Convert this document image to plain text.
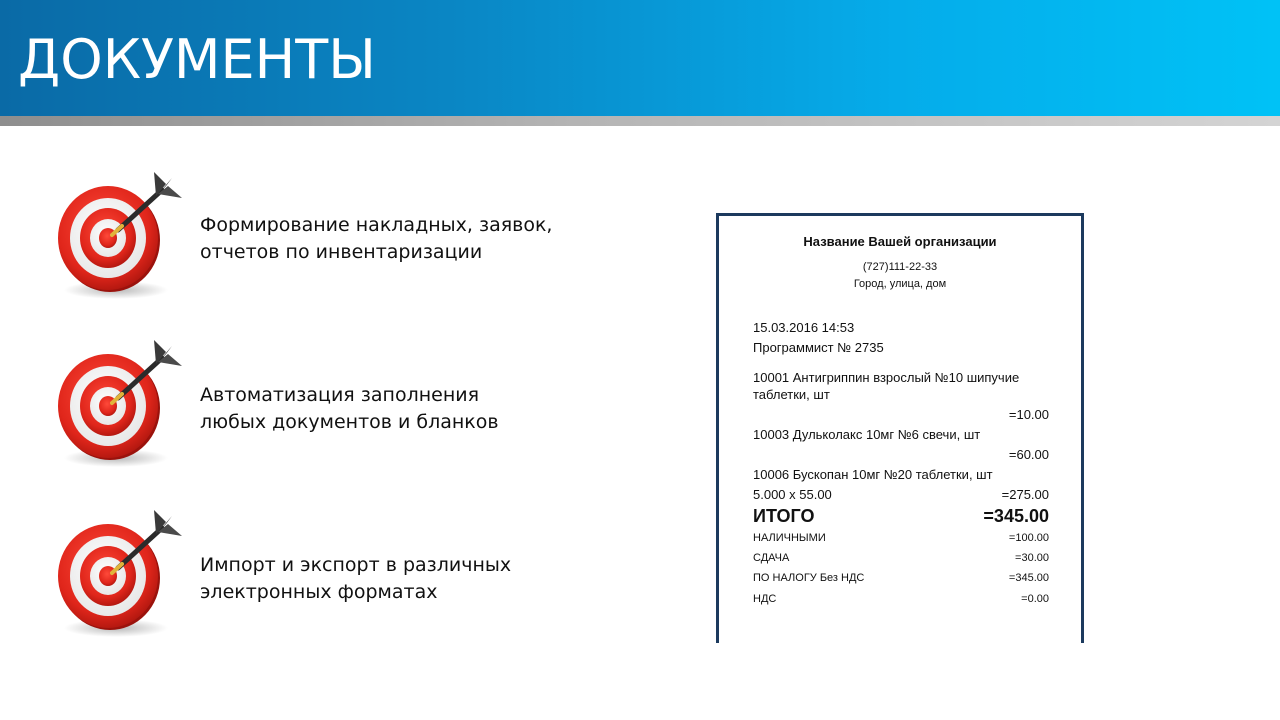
ДОКУМЕНТЫ
Формирование накладных, заявок,
отчетов по инвентаризации
Автоматизация заполнения
любых документов и бланков
Импорт и экспорт в различных
электронных форматах
Название Вашей организации
(727)111-22-33
Город, улица, дом
15.03.2016 14:53
Программист № 2735
10001 Антигриппин взрослый №10 шипучие
таблетки, шт
=10.00
10003 Дульколакс 10мг №6 свечи, шт
=60.00
10006 Бускопан 10мг №20 таблетки, шт
5.000 x 55.00	=275.00
ИТОГО	=345.00
НАЛИЧНЫМИ	=100.00
СДАЧА	=30.00
ПО НАЛОГУ Без НДС	=345.00
НДС	=0.00
